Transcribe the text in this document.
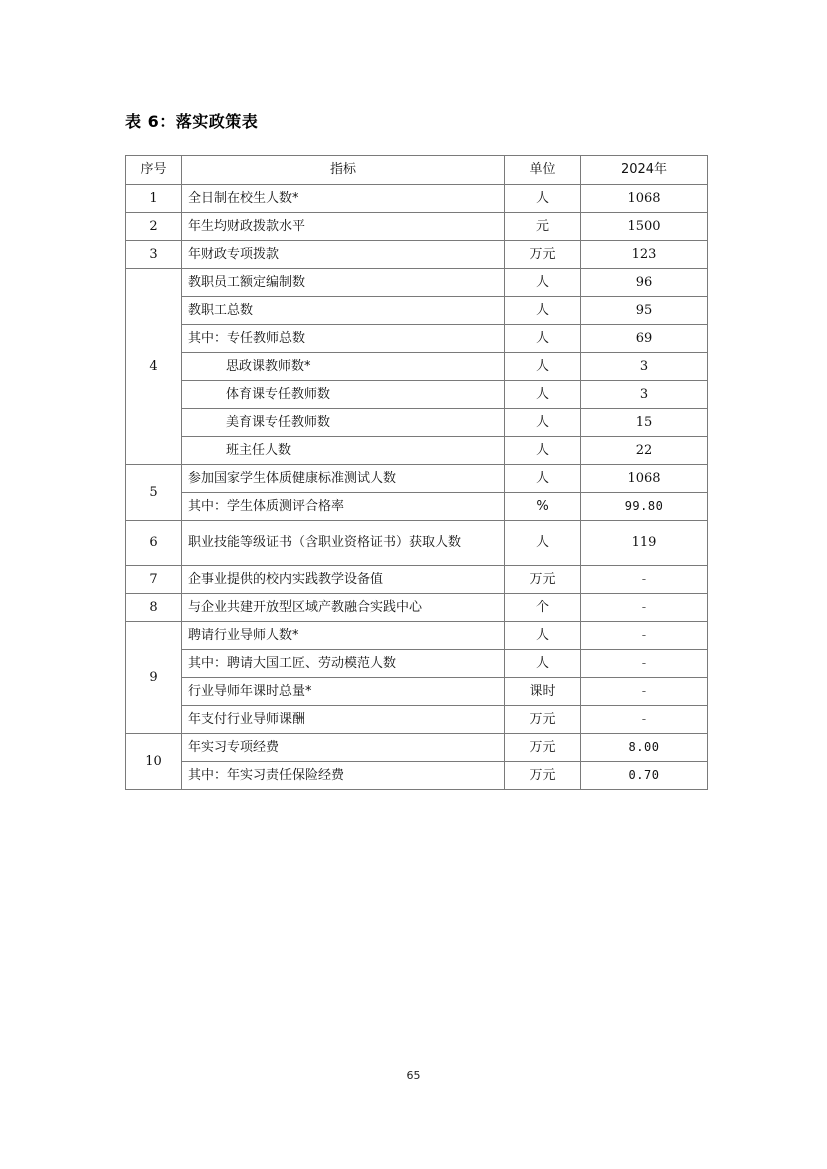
表 6：落实政策表
序号	指标	单位	2024年
1	全日制在校生人数*	人	1068
2	年生均财政拨款水平	元	1500
3	年财政专项拨款	万元	123
4	教职员工额定编制数	人	96
	教职工总数	人	95
	其中：专任教师总数	人	69
	思政课教师数*	人	3
	体育课专任教师数	人	3
	美育课专任教师数	人	15
	班主任人数	人	22
5	参加国家学生体质健康标准测试人数	人	1068
	其中：学生体质测评合格率	%	99.80
6	职业技能等级证书（含职业资格证书）获取人数	人	119
7	企事业提供的校内实践教学设备值	万元	-
8	与企业共建开放型区域产教融合实践中心	个	-
9	聘请行业导师人数*	人	-
	其中：聘请大国工匠、劳动模范人数	人	-
	行业导师年课时总量*	课时	-
	年支付行业导师课酬	万元	-
10	年实习专项经费	万元	8.00
	其中：年实习责任保险经费	万元	0.70
65
